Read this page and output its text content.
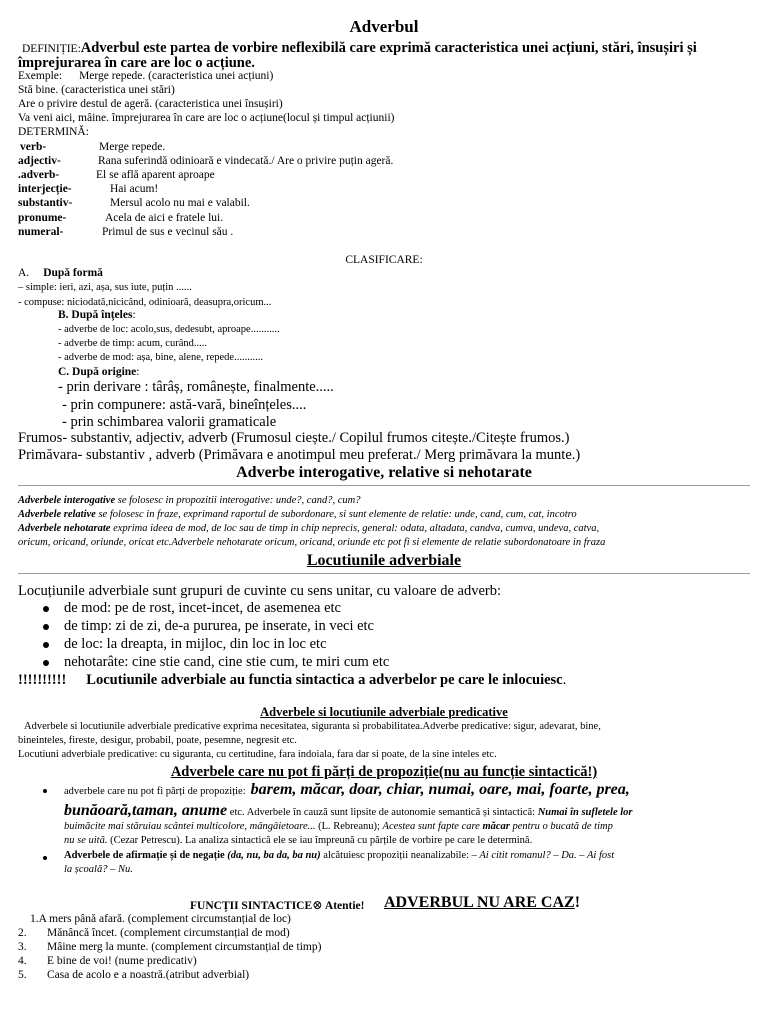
Adverbul
DEFINIȚIE:Adverbul este partea de vorbire neflexibilă care exprimă caracteristica unei acțiuni, stări, însușiri și
împrejurarea în care are loc o acțiune.
Exemple: Merge repede. (caracteristica unei acțiuni)
Stă bine. (caracteristica unei stări)
Are o privire destul de ageră. (caracteristica unei însușiri)
Va veni aici, mâine. împrejurarea în care are loc o acțiune(locul și timpul acțiunii)
DETERMINĂ:
verb-	Merge repede.
adjectiv-	Rana suferindă odinioară e vindecată./ Are o privire puțin ageră.
.adverb-	El se află aparent aproape
interjecție-	Hai acum!
substantiv-	Mersul acolo nu mai e valabil.
pronume-	Acela de aici e fratele lui.
numeral-	Primul de sus e vecinul său .
CLASIFICARE:
A. După formă
– simple: ieri, azi, așa, sus iute, puțin ......
- compuse: niciodată,nicicând, odinioară, deasupra,oricum...
B. După înțeles:
- adverbe de loc: acolo,sus, dedesubt, aproape...........
- adverbe de timp: acum, curând.....
- adverbe de mod: așa, bine, alene, repede...........
C. După origine:
- prin derivare : târâș, românește, finalmente.....
- prin compunere: astă-vară, bineînțeles....
- prin schimbarea valorii gramaticale
Frumos- substantiv, adjectiv, adverb (Frumosul ciește./ Copilul frumos citește./Citește frumos.)
Primăvara- substantiv , adverb (Primăvara e anotimpul meu preferat./ Merg primăvara la munte.)
Adverbe interogative, relative si nehotarate
Adverbele interogative se folosesc in propozitii interogative: unde?, cand?, cum?
Adverbele relative se folosesc in fraze, exprimand raportul de subordonare, si sunt elemente de relatie: unde, cand, cum, cat, incotro
Adverbele nehotarate exprima ideea de mod, de loc sau de timp in chip neprecis, general: odata, altadata, candva, cumva, undeva, catva,
oricum, oricand, oriunde, oricat etc.Adverbele nehotarate oricum, oricand, oriunde etc pot fi si elemente de relatie subordonatoare in fraza
Locutiunile adverbiale
Locuțiunile adverbiale sunt grupuri de cuvinte cu sens unitar, cu valoare de adverb:
de mod: pe de rost, incet-incet, de asemenea etc
de timp: zi de zi, de-a pururea, pe inserate, in veci etc
de loc: la dreapta, in mijloc, din loc in loc etc
nehotarâte: cine stie cand, cine stie cum, te miri cum etc
!!!!!!!!!! Locutiunile adverbiale au functia sintactica a adverbelor pe care le inlocuiesc.
Adverbele si locutiunile adverbiale predicative
Adverbele si locutiunile adverbiale predicative exprima necesitatea, siguranta si probabilitatea.Adverbe predicative: sigur, adevarat, bine,
bineinteles, fireste, desigur, probabil, poate, pesemne, negresit etc.
Locutiuni adverbiale predicative: cu siguranta, cu certitudine, fara indoiala, fara dar si poate, de la sine inteles etc.
Adverbele care nu pot fi părți de propoziție(nu au funcție sintactică!)
adverbele care nu pot fi părți de propoziție: barem, măcar, doar, chiar, numai, oare, mai, foarte, prea,
bunăoară,taman, anume etc. Adverbele în cauză sunt lipsite de autonomie semantică și sintactică: Numai în sufletele lor
buimăcite mai stăruiau scântei multicolore, mângâietoare... (L. Rebreanu); Acestea sunt fapte care măcar pentru o bucată de timp
nu se uită. (Cezar Petrescu). La analiza sintactică ele se iau împreună cu părțile de vorbire pe care le determină.
Adverbele de afirmație și de negație (da, nu, ba da, ba nu) alcătuiesc propoziții neanalizabile: – Ai citit romanul? – Da. – Ai fost
la școală? – Nu.
FUNCȚII SINTACTICE⊗ Atentie! ADVERBUL NU ARE CAZ!
1.A mers până afară. (complement circumstanțial de loc)
2. Mănâncă încet. (complement circumstanțial de mod)
3. Mâine merg la munte. (complement circumstanțial de timp)
4. E bine de voi! (nume predicativ)
5. Casa de acolo e a noastră.(atribut adverbial)
